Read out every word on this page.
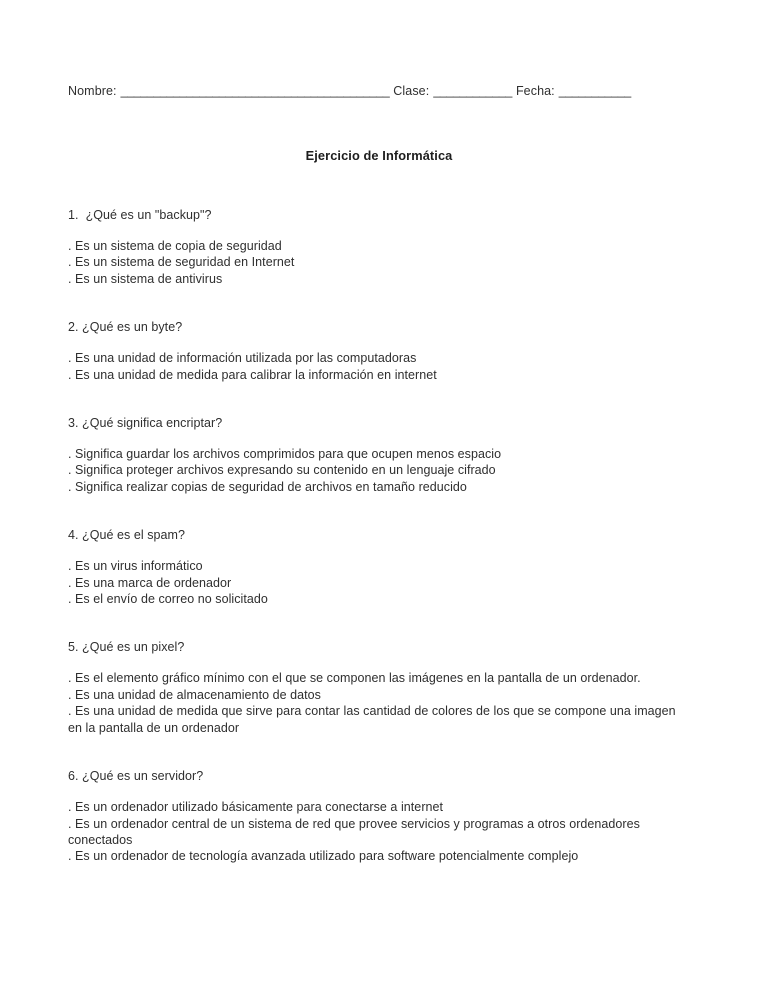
Nombre: _________________________________________ Clase: ____________ Fecha: ___________
Ejercicio de Informática

1.  ¿Qué es un "backup"?

. Es un sistema de copia de seguridad
. Es un sistema de seguridad en Internet
. Es un sistema de antivirus

2. ¿Qué es un byte?

. Es una unidad de información utilizada por las computadoras
. Es una unidad de medida para calibrar la información en internet

3. ¿Qué significa encriptar?

. Significa guardar los archivos comprimidos para que ocupen menos espacio
. Significa proteger archivos expresando su contenido en un lenguaje cifrado
. Significa realizar copias de seguridad de archivos en tamaño reducido

4. ¿Qué es el spam?

. Es un virus informático
. Es una marca de ordenador
. Es el envío de correo no solicitado

5. ¿Qué es un pixel?

. Es el elemento gráfico mínimo con el que se componen las imágenes en la pantalla de un ordenador.
. Es una unidad de almacenamiento de datos
. Es una unidad de medida que sirve para contar las cantidad de colores de los que se compone una imagen en la pantalla de un ordenador

6. ¿Qué es un servidor?

. Es un ordenador utilizado básicamente para conectarse a internet
. Es un ordenador central de un sistema de red que provee servicios y programas a otros ordenadores conectados
. Es un ordenador de tecnología avanzada utilizado para software potencialmente complejo
